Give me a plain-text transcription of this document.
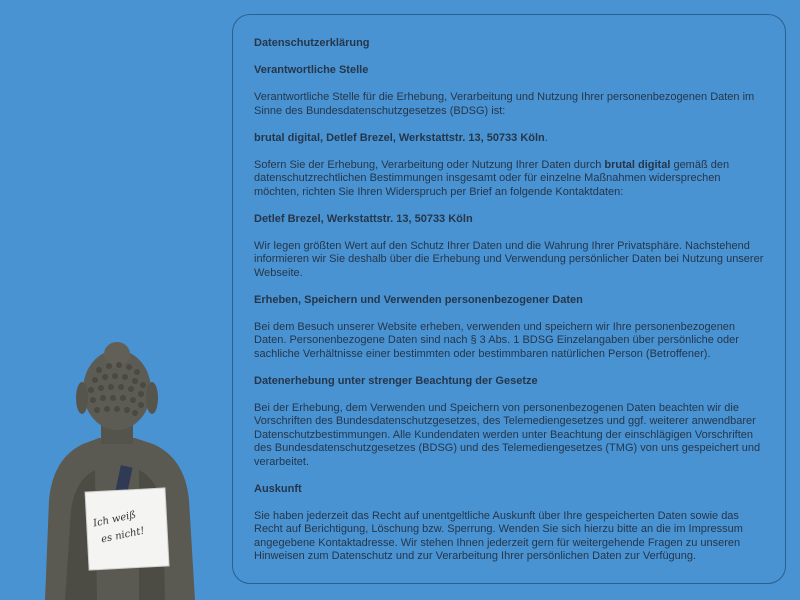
Ich weiß
es nicht!

Datenschutzerklärung

Verantwortliche Stelle

Verantwortliche Stelle für die Erhebung, Verarbeitung und Nutzung Ihrer personenbezogenen Daten im Sinne des Bundesdatenschutzgesetzes (BDSG) ist:

brutal digital, Detlef Brezel, Werkstattstr. 13, 50733 Köln.

Sofern Sie der Erhebung, Verarbeitung oder Nutzung Ihrer Daten durch brutal digital gemäß den datenschutzrechtlichen Bestimmungen insgesamt oder für einzelne Maßnahmen widersprechen möchten, richten Sie Ihren Widerspruch per Brief an folgende Kontaktdaten:

Detlef Brezel, Werkstattstr. 13, 50733 Köln

Wir legen größten Wert auf den Schutz Ihrer Daten und die Wahrung Ihrer Privatsphäre. Nachstehend informieren wir Sie deshalb über die Erhebung und Verwendung persönlicher Daten bei Nutzung unserer Webseite.

Erheben, Speichern und Verwenden personenbezogener Daten

Bei dem Besuch unserer Website erheben, verwenden und speichern wir Ihre personenbezogenen Daten. Personenbezogene Daten sind nach § 3 Abs. 1 BDSG Einzelangaben über persönliche oder sachliche Verhältnisse einer bestimmten oder bestimmbaren natürlichen Person (Betroffener).

Datenerhebung unter strenger Beachtung der Gesetze

Bei der Erhebung, dem Verwenden und Speichern von personenbezogenen Daten beachten wir die Vorschriften des Bundesdatenschutzgesetzes, des Telemediengesetzes und ggf. weiterer anwendbarer Datenschutzbestimmungen. Alle Kundendaten werden unter Beachtung der einschlägigen Vorschriften des Bundesdatenschutzgesetzes (BDSG) und des Telemediengesetzes (TMG) von uns gespeichert und verarbeitet.

Auskunft

Sie haben jederzeit das Recht auf unentgeltliche Auskunft über Ihre gespeicherten Daten sowie das Recht auf Berichtigung, Löschung bzw. Sperrung. Wenden Sie sich hierzu bitte an die im Impressum angegebene Kontaktadresse. Wir stehen Ihnen jederzeit gern für weitergehende Fragen zu unseren Hinweisen zum Datenschutz und zur Verarbeitung Ihrer persönlichen Daten zur Verfügung.
